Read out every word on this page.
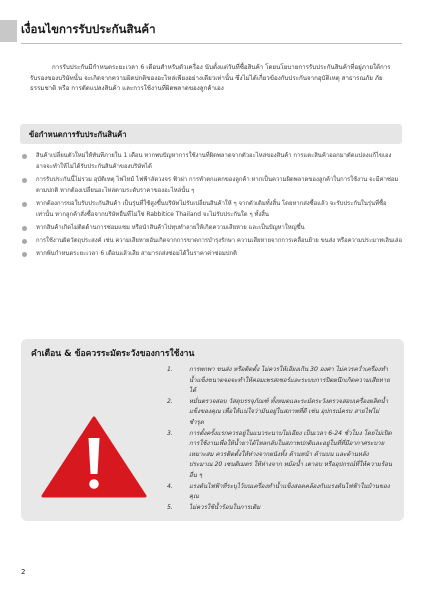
เงื่อนไขการรับประกันสินค้า

การรับประกันมีกำหนดระยะเวลา 6 เดือนสำหรับตัวเครื่อง นับตั้งแต่วันที่ซื้อสินค้า โดยนโยบายการรับประกันสินค้าที่อยู่ภายใต้การรับรองของบริษัทนั้น จะเกิดจากความผิดปกติของอะไหล่เพียงอย่างเดียวเท่านั้น ซึ่งไม่ได้เกี่ยวข้องกับประกันจากอุบัติเหตุ สาธารณภัย ภัยธรรมชาติ หรือ การดัดแปลงสินค้า และการใช้งานที่ผิดพลาดของลูกค้าเอง

ข้อกำหนดการรับประกันสินค้า
สินค้าเปลี่ยนตัวใหม่ให้ทันทีภายใน 1 เดือน หากพบปัญหาการใช้งานที่ผิดพลาดจากตัวอะไหล่ของสินค้า การแตะสินค้าออกมาตัดแปลงแก้ไขเอง อาจจะทำให้ไม่ได้รับประกันสินค้าของบริษัทได้
การรับประกันนี้ไม่รวม อุบัติเหตุ ไฟไหม้ ไฟฟ้าลัดวงจร ฟ้าผ่า การทำตกแตกของลูกค้า หากเป็นความผิดพลาดของลูกค้าในการใช้งาน จะมีค่าซ่อมตามปกติ หากต้องเปลี่ยนอะไหล่ตามระดับราคาของอะไหล่นั้น ๆ
หากต้องการขอใบรับประกันสินค้า เป็นรุ่นที่ใช้สูงขึ้นบริษัทไม่รับเปลี่ยนสินค้าให้ ๆ จากตัวเดิมทั้งสิ้น โดยหากส่งซื้อแล้ว จะรับประกันในรุ่นที่ซื้อเท่านั้น หากลูกค้าสั่งซื้อจากบริษัทอื่นที่ไม่ใช่ Rabbitice Thailand จะไม่รับประกันใด ๆ ทั้งสิ้น
หากสินค้าเกิดไม่ติดด้านการซ่อมแซม หรือนำสินค้าไปทุบทำลายให้เกิดความเสียหาย และเป็นปัญหาใหญ่ขึ้น
การใช้งานผิดวัตถุประสงค์ เช่น ความเสียหายอันเกิดจากการขาดการบำรุงรักษา ความเสียหายจากการเคลื่อนย้าย ขนส่ง หรือความประมาทเลินเล่อ
หากพ้นกำหนดระยะเวลา 6 เดือนแล้วเสีย สามารถส่งซ่อมได้ในราคาค่าซ่อมปกติ
คำเตือน & ข้อควรระมัดระวังของการใช้งาน
1.	การพกพา ขนส่ง หรือติดตั้ง ไม่ควรให้เอียงเกิน 30 องศา ไม่ควรคว่ำเครื่องทำน้ำแข็งขนาดจอจะทำให้คอมเพรสเซอร์และระบบการปิดผนึกเกิดความเสียหายได้
2.	หมั่นตรวจสอบ วัสดุบรรจุภัณฑ์ ทั้งหมดและระมัดระวังตรวจสอบเครื่องผลิตน้ำแข็งของคุณ เพื่อให้แน่ใจว่ามันอยู่ในสภาพที่ดี เช่น อุปกรณ์ครบ สายไฟไม่ชำรุด
3.	การตั้งครั้งแรกควรอยู่ในแนวระนาบไม่เอียง เป็นเวลา 6-24 ชั่วโมง โดยไม่เปิดการใช้งานเพื่อให้น้ำยาได้ไหลกลับในสภาพปกติและอยู่ในที่ที่มีอากาศระบายเหมาะสม ควรติดตั้งให้ห่างจากผนังทั้ง ด้านหน้า ด้านบน และด้านหลัง ประมาณ 20 เซนติเมตร ให้ห่างจาก หม้อน้ำ เตาอบ หรืออุปกรณ์ที่ให้ความร้อนอื่น ๆ
4.	แรงดันไฟฟ้าที่ระบุไว้บนเครื่องทำน้ำแข็งสอดคล้องกับแรงดันไฟฟ้าในบ้านของคุณ
5.	ไม่ควรใช้น้ำร้อนในการเติม
2
